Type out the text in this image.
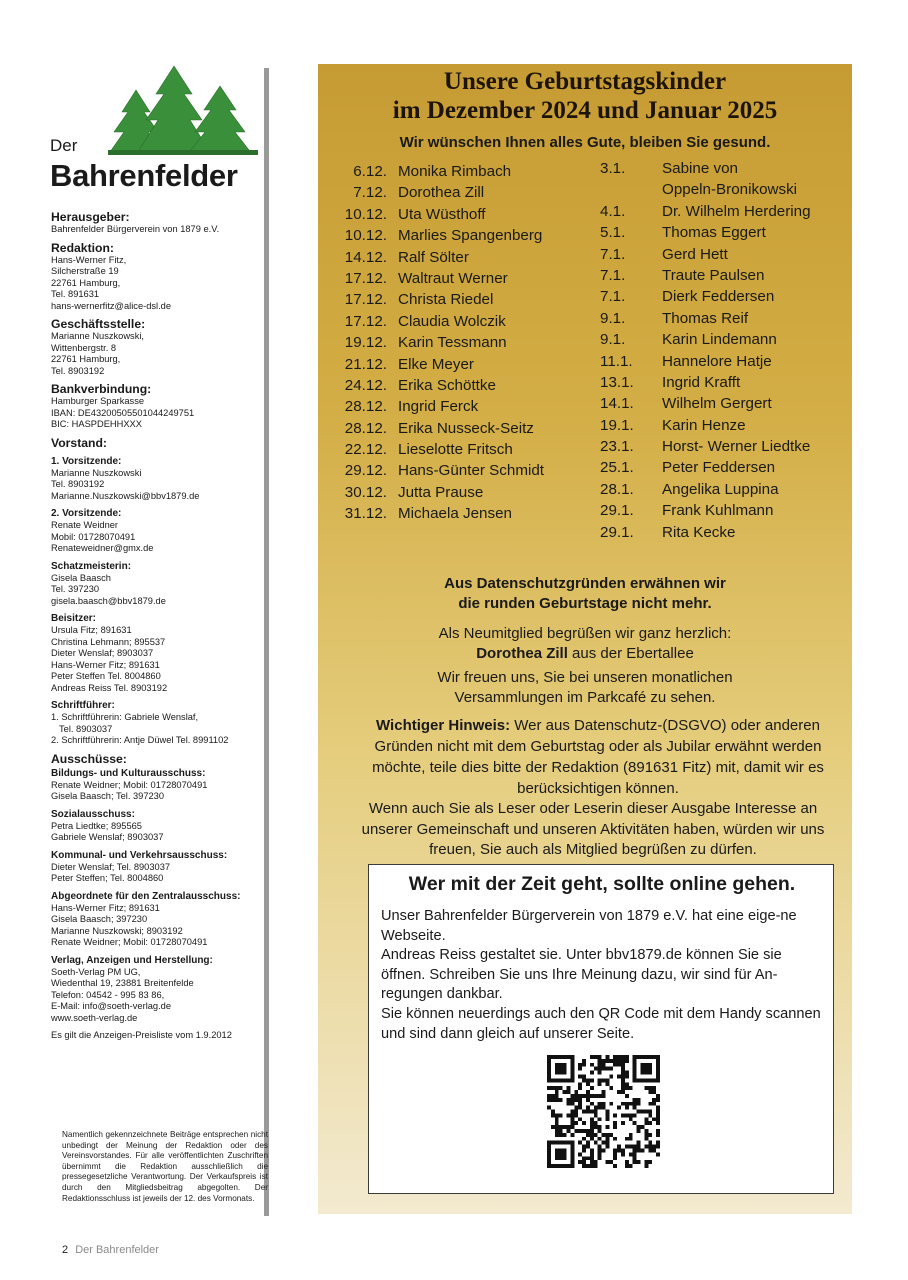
Der
Bahrenfelder
Herausgeber:
Bahrenfelder Bürgerverein von 1879 e.V.
Redaktion:
Hans-Werner Fitz,
Silcherstraße 19
22761 Hamburg,
Tel. 891631
hans-wernerfitz@alice-dsl.de
Geschäftsstelle:
Marianne Nuszkowski,
Wittenbergstr. 8
22761 Hamburg,
Tel. 8903192
Bankverbindung:
Hamburger Sparkasse
IBAN: DE43200505501044249751
BIC: HASPDEHHXXX
Vorstand:
1. Vorsitzende:
Marianne Nuszkowski
Tel. 8903192
Marianne.Nuszkowski@bbv1879.de
2. Vorsitzende:
Renate Weidner
Mobil: 01728070491
Renateweidner@gmx.de
Schatzmeisterin:
Gisela Baasch
Tel. 397230
gisela.baasch@bbv1879.de
Beisitzer:
Ursula Fitz; 891631
Christina Lehmann; 895537
Dieter Wenslaf; 8903037
Hans-Werner Fitz; 891631
Peter Steffen Tel. 8004860
Andreas Reiss Tel. 8903192
Schriftführer:
1. Schriftführerin: Gabriele Wenslaf,
Tel. 8903037
2. Schriftführerin: Antje Düwel Tel. 8991102
Ausschüsse:
Bildungs- und Kulturausschuss:
Renate Weidner; Mobil: 01728070491
Gisela Baasch; Tel. 397230
Sozialausschuss:
Petra Liedtke; 895565
Gabriele Wenslaf; 8903037
Kommunal- und Verkehrsausschuss:
Dieter Wenslaf; Tel. 8903037
Peter Steffen; Tel. 8004860
Abgeordnete für den Zentralausschuss:
Hans-Werner Fitz; 891631
Gisela Baasch; 397230
Marianne Nuszkowski; 8903192
Renate Weidner; Mobil: 01728070491
Verlag, Anzeigen und Herstellung:
Soeth-Verlag PM UG,
Wiedenthal 19, 23881 Breitenfelde
Telefon: 04542 - 995 83 86,
E-Mail: info@soeth-verlag.de
www.soeth-verlag.de
Es gilt die Anzeigen-Preisliste vom 1.9.2012
Namentlich gekennzeichnete Beiträge entsprechen nicht unbedingt der Meinung der Redaktion oder des Vereinsvorstandes. Für alle veröffentlichten Zuschriften übernimmt die Redaktion ausschließlich die pressegesetzliche Verantwortung. Der Verkaufspreis ist durch den Mitgliedsbeitrag abgegolten. Der Redaktionsschluss ist jeweils der 12. des Vormonats.
2 Der Bahrenfelder
Unsere Geburtstagskinder
im Dezember 2024 und Januar 2025
Wir wünschen Ihnen alles Gute, bleiben Sie gesund.
6.12. Monika Rimbach
7.12. Dorothea Zill
10.12. Uta Wüsthoff
10.12. Marlies Spangenberg
14.12. Ralf Sölter
17.12. Waltraut Werner
17.12. Christa Riedel
17.12. Claudia Wolczik
19.12. Karin Tessmann
21.12. Elke Meyer
24.12. Erika Schöttke
28.12. Ingrid Ferck
28.12. Erika Nusseck-Seitz
22.12. Lieselotte Fritsch
29.12. Hans-Günter Schmidt
30.12. Jutta Prause
31.12. Michaela Jensen
3.1.	Sabine von
Oppeln-Bronikowski
4.1.	Dr. Wilhelm Herdering
5.1.	Thomas Eggert
7.1.	Gerd Hett
7.1.	Traute Paulsen
7.1.	Dierk Feddersen
9.1.	Thomas Reif
9.1.	Karin Lindemann
11.1.	Hannelore Hatje
13.1.	Ingrid Krafft
14.1.	Wilhelm Gergert
19.1.	Karin Henze
23.1.	Horst- Werner Liedtke
25.1.	Peter Feddersen
28.1.	Angelika Luppina
29.1.	Frank Kuhlmann
29.1.	Rita Kecke
Aus Datenschutzgründen erwähnen wir
die runden Geburtstage nicht mehr.
Als Neumitglied begrüßen wir ganz herzlich:
Dorothea Zill aus der Ebertallee
Wir freuen uns, Sie bei unseren monatlichen
Versammlungen im Parkcafé zu sehen.
Wichtiger Hinweis: Wer aus Datenschutz-(DSGVO) oder anderen Gründen nicht mit dem Geburtstag oder als Jubilar erwähnt werden möchte, teile dies bitte der Redaktion (891631 Fitz) mit, damit wir es berücksichtigen können.
Wenn auch Sie als Leser oder Leserin dieser Ausgabe Interesse an unserer Gemeinschaft und unseren Aktivitäten haben, würden wir uns freuen, Sie auch als Mitglied begrüßen zu dürfen.
Wer mit der Zeit geht, sollte online gehen.
Unser Bahrenfelder Bürgerverein von 1879 e.V. hat eine eige-ne Webseite.
Andreas Reiss gestaltet sie. Unter bbv1879.de können Sie sie öffnen. Schreiben Sie uns Ihre Meinung dazu, wir sind für An-regungen dankbar.
Sie können neuerdings auch den QR Code mit dem Handy scannen und sind dann gleich auf unserer Seite.
